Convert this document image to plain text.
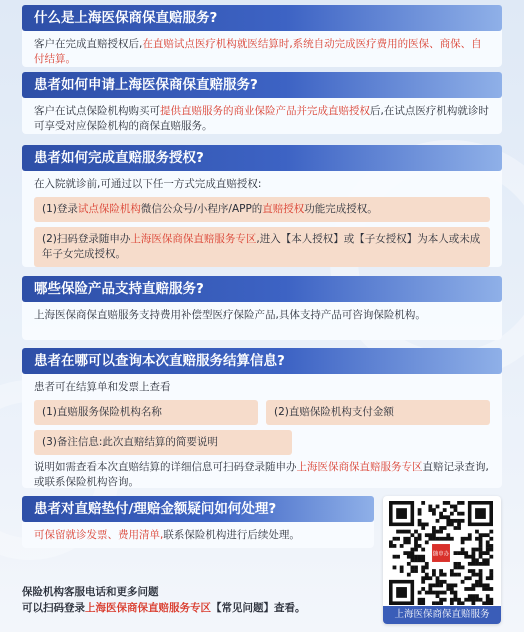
什么是上海医保商保直赔服务?
客户在完成直赔授权后,在直赔试点医疗机构就医结算时,系统自动完成医疗费用的医保、商保、自付结算。
患者如何申请上海医保商保直赔服务?
客户在试点保险机构购买可提供直赔服务的商业保险产品并完成直赔授权后,在试点医疗机构就诊时可享受对应保险机构的商保直赔服务。
患者如何完成直赔服务授权?
在入院就诊前,可通过以下任一方式完成直赔授权:
(1)登录试点保险机构微信公众号/小程序/APP的直赔授权功能完成授权。
(2)扫码登录随申办上海医保商保直赔服务专区,进入【本人授权】或【子女授权】为本人或未成年子女完成授权。
哪些保险产品支持直赔服务?
上海医保商保直赔服务支持费用补偿型医疗保险产品,具体支持产品可咨询保险机构。
患者在哪可以查询本次直赔服务结算信息?
患者可在结算单和发票上查看
(1)直赔服务保险机构名称	(2)直赔保险机构支付金额
(3)备注信息:此次直赔结算的简要说明
说明如需查看本次直赔结算的详细信息可扫码登录随申办上海医保商保直赔服务专区直赔记录查询,或联系保险机构咨询。
患者对直赔垫付/理赔金额疑问如何处理?
可保留就诊发票、费用清单,联系保险机构进行后续处理。
保险机构客服电话和更多问题
可以扫码登录上海医保商保直赔服务专区【常见问题】查看。
随申办
上海医保商保直赔服务
